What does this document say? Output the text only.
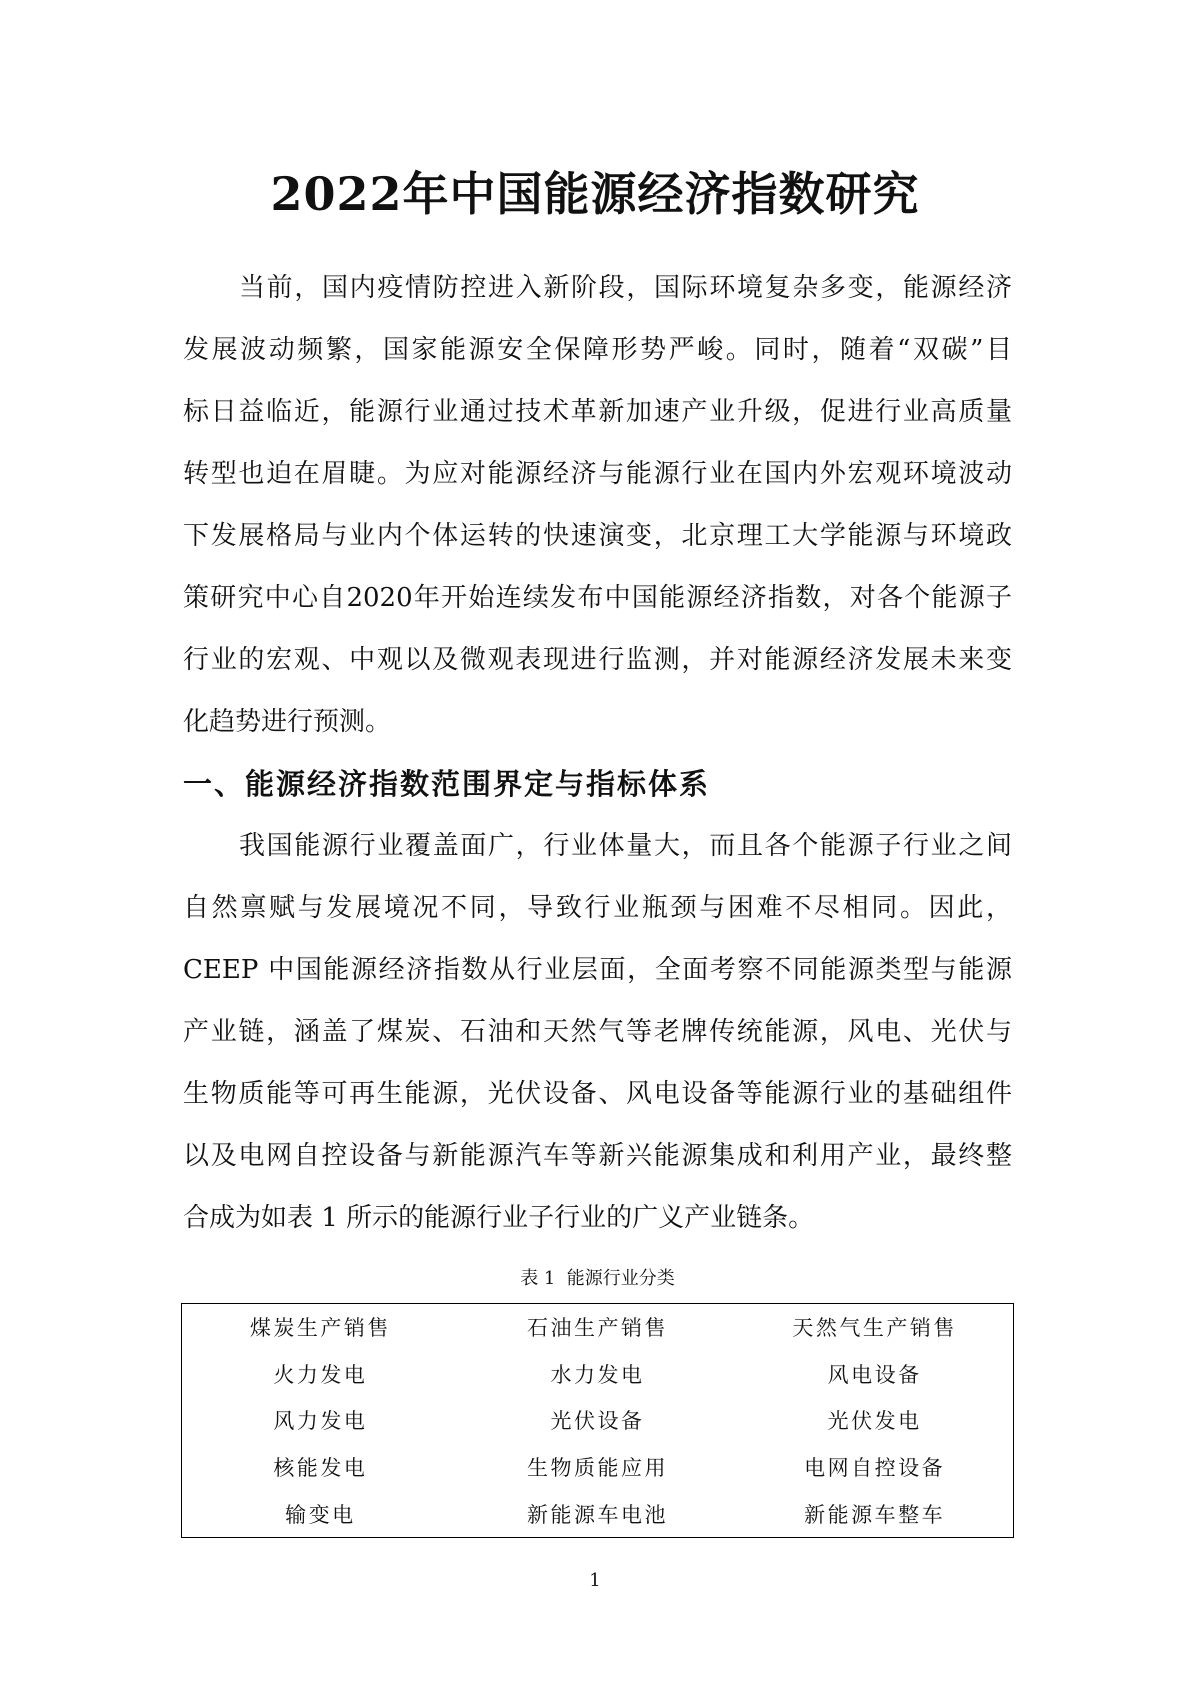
2022年中国能源经济指数研究
当前，国内疫情防控进入新阶段，国际环境复杂多变，能源经济
发展波动频繁，国家能源安全保障形势严峻。同时，随着“双碳”目
标日益临近，能源行业通过技术革新加速产业升级，促进行业高质量
转型也迫在眉睫。为应对能源经济与能源行业在国内外宏观环境波动
下发展格局与业内个体运转的快速演变，北京理工大学能源与环境政
策研究中心自2020年开始连续发布中国能源经济指数，对各个能源子
行业的宏观、中观以及微观表现进行监测，并对能源经济发展未来变
化趋势进行预测。
一、能源经济指数范围界定与指标体系
我国能源行业覆盖面广，行业体量大，而且各个能源子行业之间
自然禀赋与发展境况不同，导致行业瓶颈与困难不尽相同。因此，
CEEP 中国能源经济指数从行业层面，全面考察不同能源类型与能源
产业链，涵盖了煤炭、石油和天然气等老牌传统能源，风电、光伏与
生物质能等可再生能源，光伏设备、风电设备等能源行业的基础组件
以及电网自控设备与新能源汽车等新兴能源集成和利用产业，最终整
合成为如表 1 所示的能源行业子行业的广义产业链条。
表 1  能源行业分类
煤炭生产销售	石油生产销售	天然气生产销售
火力发电	水力发电	风电设备
风力发电	光伏设备	光伏发电
核能发电	生物质能应用	电网自控设备
输变电	新能源车电池	新能源车整车
1
